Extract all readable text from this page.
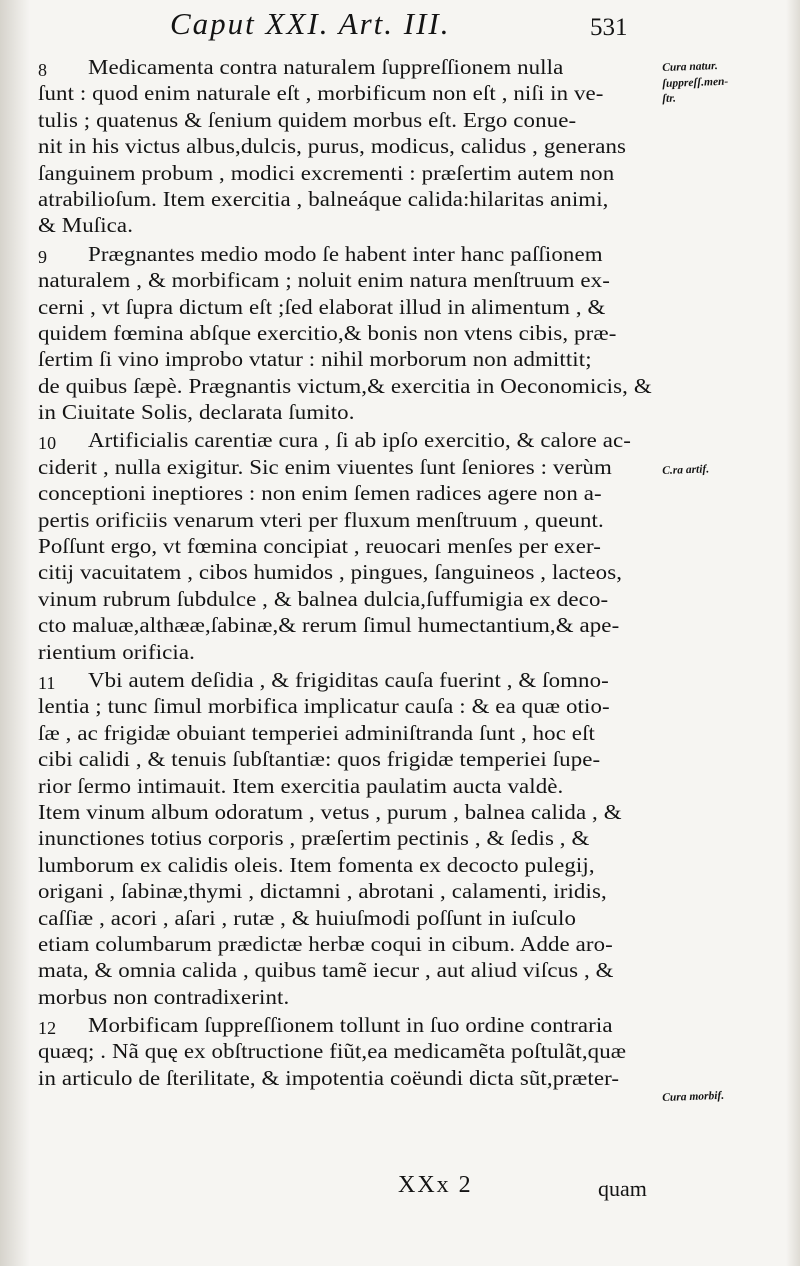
Caput XXI. Art. III.	531
8 Medicamenta contra naturalem ſuppreſſionem nulla
ſunt : quod enim naturale eſt , morbificum non eſt , niſi in ve-
tulis ; quatenus & ſenium quidem morbus eſt. Ergo conue-
nit in his victus albus,dulcis, purus, modicus, calidus , generans
ſanguinem probum , modici excrementi : præſertim autem non
atrabilioſum. Item exercitia , balneáque calida:hilaritas animi,
& Muſica.
9 Prægnantes medio modo ſe habent inter hanc paſſionem
naturalem , & morbificam ; noluit enim natura menſtruum ex-
cerni , vt ſupra dictum eſt ;ſed elaborat illud in alimentum , &
quidem fœmina abſque exercitio,& bonis non vtens cibis, præ-
ſertim ſi vino improbo vtatur : nihil morborum non admittit;
de quibus ſæpè. Prægnantis victum,& exercitia in Oeconomicis, &
in Ciuitate Solis, declarata ſumito.
10 Artificialis carentiæ cura , ſi ab ipſo exercitio, & calore ac-
ciderit , nulla exigitur. Sic enim viuentes ſunt ſeniores : verùm
conceptioni ineptiores : non enim ſemen radices agere non a-
pertis orificiis venarum vteri per fluxum menſtruum , queunt.
Poſſunt ergo, vt fœmina concipiat , reuocari menſes per exer-
citij vacuitatem , cibos humidos , pingues, ſanguineos , lacteos,
vinum rubrum ſubdulce , & balnea dulcia,ſuffumigia ex deco-
cto maluæ,althææ,ſabinæ,& rerum ſimul humectantium,& ape-
rientium orificia.
11 Vbi autem deſidia , & frigiditas cauſa fuerint , & ſomno-
lentia ; tunc ſimul morbifica implicatur cauſa : & ea quæ otio-
ſæ , ac frigidæ obuiant temperiei adminiſtranda ſunt , hoc eſt
cibi calidi , & tenuis ſubſtantiæ: quos frigidæ temperiei ſupe-
rior ſermo intimauit. Item exercitia paulatim aucta valdè.
Item vinum album odoratum , vetus , purum , balnea calida , &
inunctiones totius corporis , præſertim pectinis , & ſedis , &
lumborum ex calidis oleis. Item fomenta ex decocto pulegij,
origani , ſabinæ,thymi , dictamni , abrotani , calamenti, iridis,
caſſiæ , acori , aſari , rutæ , & huiuſmodi poſſunt in iuſculo
etiam columbarum prædictæ herbæ coqui in cibum. Adde aro-
mata, & omnia calida , quibus tamẽ iecur , aut aliud viſcus , &
morbus non contradixerint.
12 Morbificam ſuppreſſionem tollunt in ſuo ordine contraria
quæq; . Nã quę ex obſtructione fiũt,ea medicamẽta poſtulãt,quæ
in articulo de ſterilitate, & impotentia coëundi dicta sũt,præter-
Cura natur.
ſuppreſſ.men-
ſtr.
C.ra artif.
Cura morbif.
XXx 2	quam
